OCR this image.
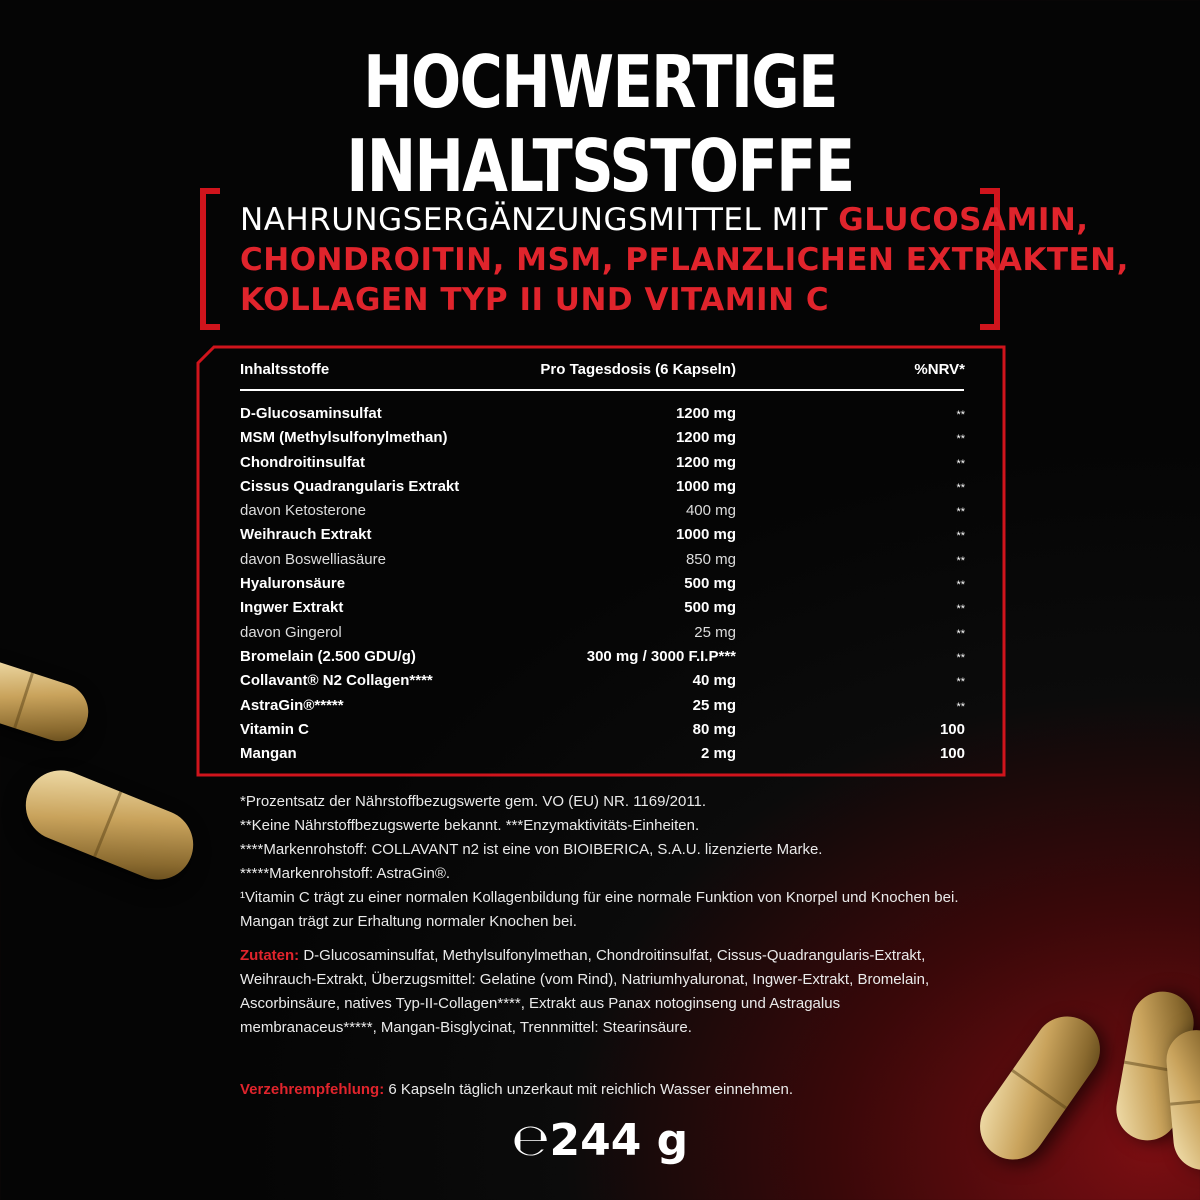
HOCHWERTIGE INHALTSSTOFFE
NAHRUNGSERGÄNZUNGSMITTEL MIT GLUCOSAMIN,
CHONDROITIN, MSM, PFLANZLICHEN EXTRAKTEN,
KOLLAGEN TYP II UND VITAMIN C
Inhaltsstoffe	Pro Tagesdosis (6 Kapseln)	%NRV*
D-Glucosaminsulfat	1200 mg	**
MSM (Methylsulfonylmethan)	1200 mg	**
Chondroitinsulfat	1200 mg	**
Cissus Quadrangularis Extrakt	1000 mg	**
davon Ketosterone	400 mg	**
Weihrauch Extrakt	1000 mg	**
davon Boswelliasäure	850 mg	**
Hyaluronsäure	500 mg	**
Ingwer Extrakt	500 mg	**
davon Gingerol	25 mg	**
Bromelain (2.500 GDU/g)	300 mg / 3000 F.I.P***	**
Collavant® N2 Collagen****	40 mg	**
AstraGin®*****	25 mg	**
Vitamin C	80 mg	100
Mangan	2 mg	100

*Prozentsatz der Nährstoffbezugswerte gem. VO (EU) NR. 1169/2011.

**Keine Nährstoffbezugswerte bekannt. ***Enzymaktivitäts-Einheiten.

****Markenrohstoff: COLLAVANT n2 ist eine von BIOIBERICA, S.A.U. lizenzierte Marke.

*****Markenrohstoff: AstraGin®.

¹Vitamin C trägt zu einer normalen Kollagenbildung für eine normale Funktion von Knorpel und Knochen bei. Mangan trägt zur Erhaltung normaler Knochen bei.

Zutaten: D-Glucosaminsulfat, Methylsulfonylmethan, Chondroitinsulfat, Cissus-Quadrangularis-Extrakt, Weihrauch-Extrakt, Überzugsmittel: Gelatine (vom Rind), Natriumhyaluronat, Ingwer-Extrakt, Bromelain, Ascorbinsäure, natives Typ-II-Collagen****, Extrakt aus Panax notoginseng und Astragalus membranaceus*****, Mangan-Bisglycinat, Trennmittel: Stearinsäure.
Verzehrempfehlung: 6 Kapseln täglich unzerkaut mit reichlich Wasser einnehmen.
℮244 g
